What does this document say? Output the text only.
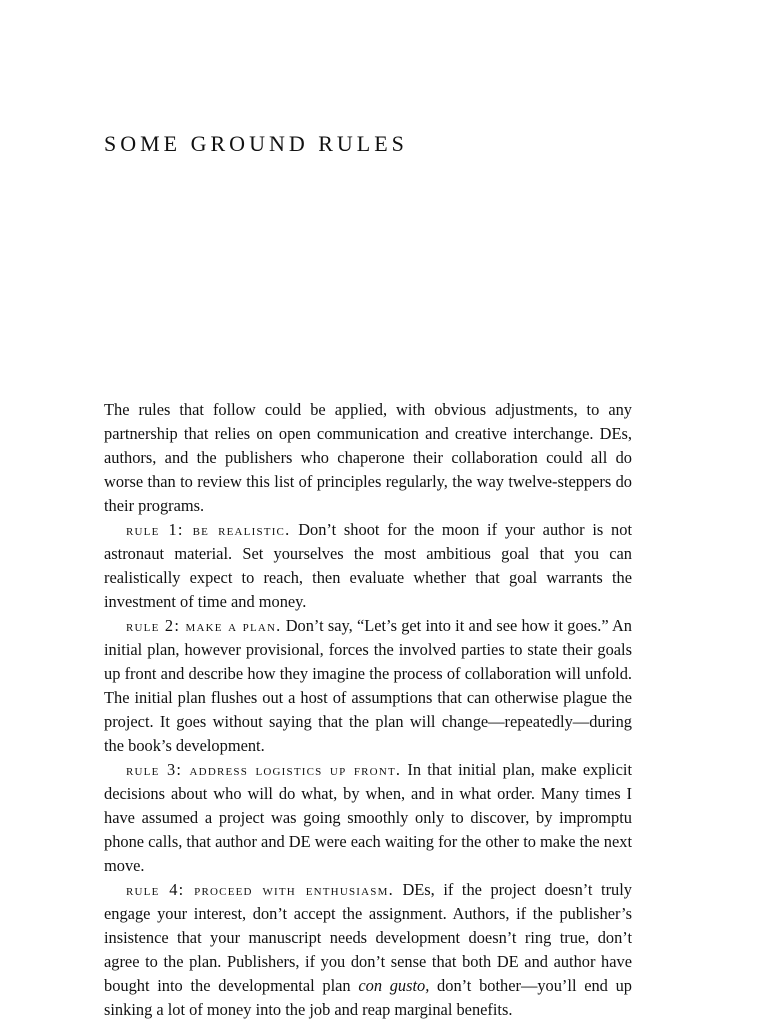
SOME GROUND RULES

The rules that follow could be applied, with obvious adjustments, to any partnership that relies on open communication and creative interchange. DEs, authors, and the publishers who chaperone their collaboration could all do worse than to review this list of principles regularly, the way twelve-steppers do their programs.

rule 1: be realistic. Don’t shoot for the moon if your author is not astronaut material. Set yourselves the most ambitious goal that you can realistically expect to reach, then evaluate whether that goal warrants the investment of time and money.

rule 2: make a plan. Don’t say, “Let’s get into it and see how it goes.” An initial plan, however provisional, forces the involved parties to state their goals up front and describe how they imagine the process of collaboration will unfold. The initial plan flushes out a host of assumptions that can otherwise plague the project. It goes without saying that the plan will change—repeatedly—during the book’s development.

rule 3: address logistics up front. In that initial plan, make explicit decisions about who will do what, by when, and in what order. Many times I have assumed a project was going smoothly only to discover, by impromptu phone calls, that author and DE were each waiting for the other to make the next move.

rule 4: proceed with enthusiasm. DEs, if the project doesn’t truly engage your interest, don’t accept the assignment. Authors, if the publisher’s insistence that your manuscript needs development doesn’t ring true, don’t agree to the plan. Publishers, if you don’t sense that both DE and author have bought into the developmental plan con gusto, don’t bother—you’ll end up sinking a lot of money into the job and reap marginal benefits.
